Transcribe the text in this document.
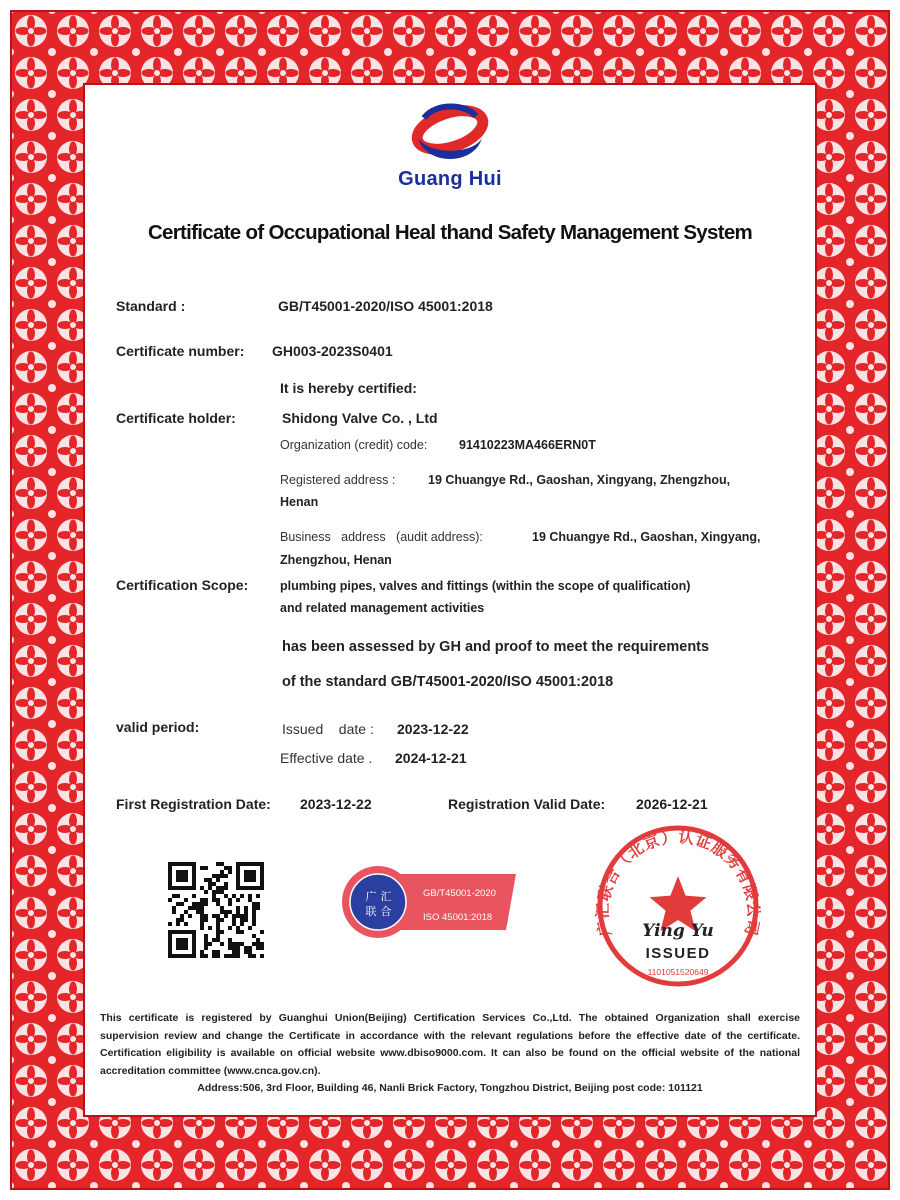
Guang Hui
Certificate of Occupational Heal thand Safety Management System
Standard :	GB/T45001-2020/ISO 45001:2018
Certificate number: GH003-2023S0401
It is hereby certified:
Certificate holder:	Shidong Valve Co. , Ltd
Organization (credit) code:	91410223MA466ERN0T
Registered address :	19 Chuangye Rd., Gaoshan, Xingyang, Zhengzhou,
Henan
Business   address   (audit address):	19 Chuangye Rd., Gaoshan, Xingyang,
Zhengzhou, Henan
Certification Scope:	plumbing pipes, valves and fittings (within the scope of qualification)
and related management activities
has been assessed by GH and proof to meet the requirements
of the standard GB/T45001-2020/ISO 45001:2018
valid period:	Issued    date : 2023-12-22
Effective date . 2024-12-21
First Registration Date: 2023-12-22	Registration Valid Date: 2026-12-21
广 汇
联 合
GB/T45001-2020
ISO 45001:2018
广汇联合（北京）认证服务有限公司
Ying Yu
ISSUED
1101051520649
This certificate is registered by Guanghui Union(Beijing) Certification Services Co.,Ltd. The obtained Organization shall exercise supervision review and change the Certificate in accordance with the relevant regulations before the effective date of the certificate. Certification eligibility is available on official website www.dbiso9000.com. It can also be found on the official website of the national accreditation committee (www.cnca.gov.cn).
Address:506, 3rd Floor, Building 46, Nanli Brick Factory, Tongzhou District, Beijing post code: 101121
